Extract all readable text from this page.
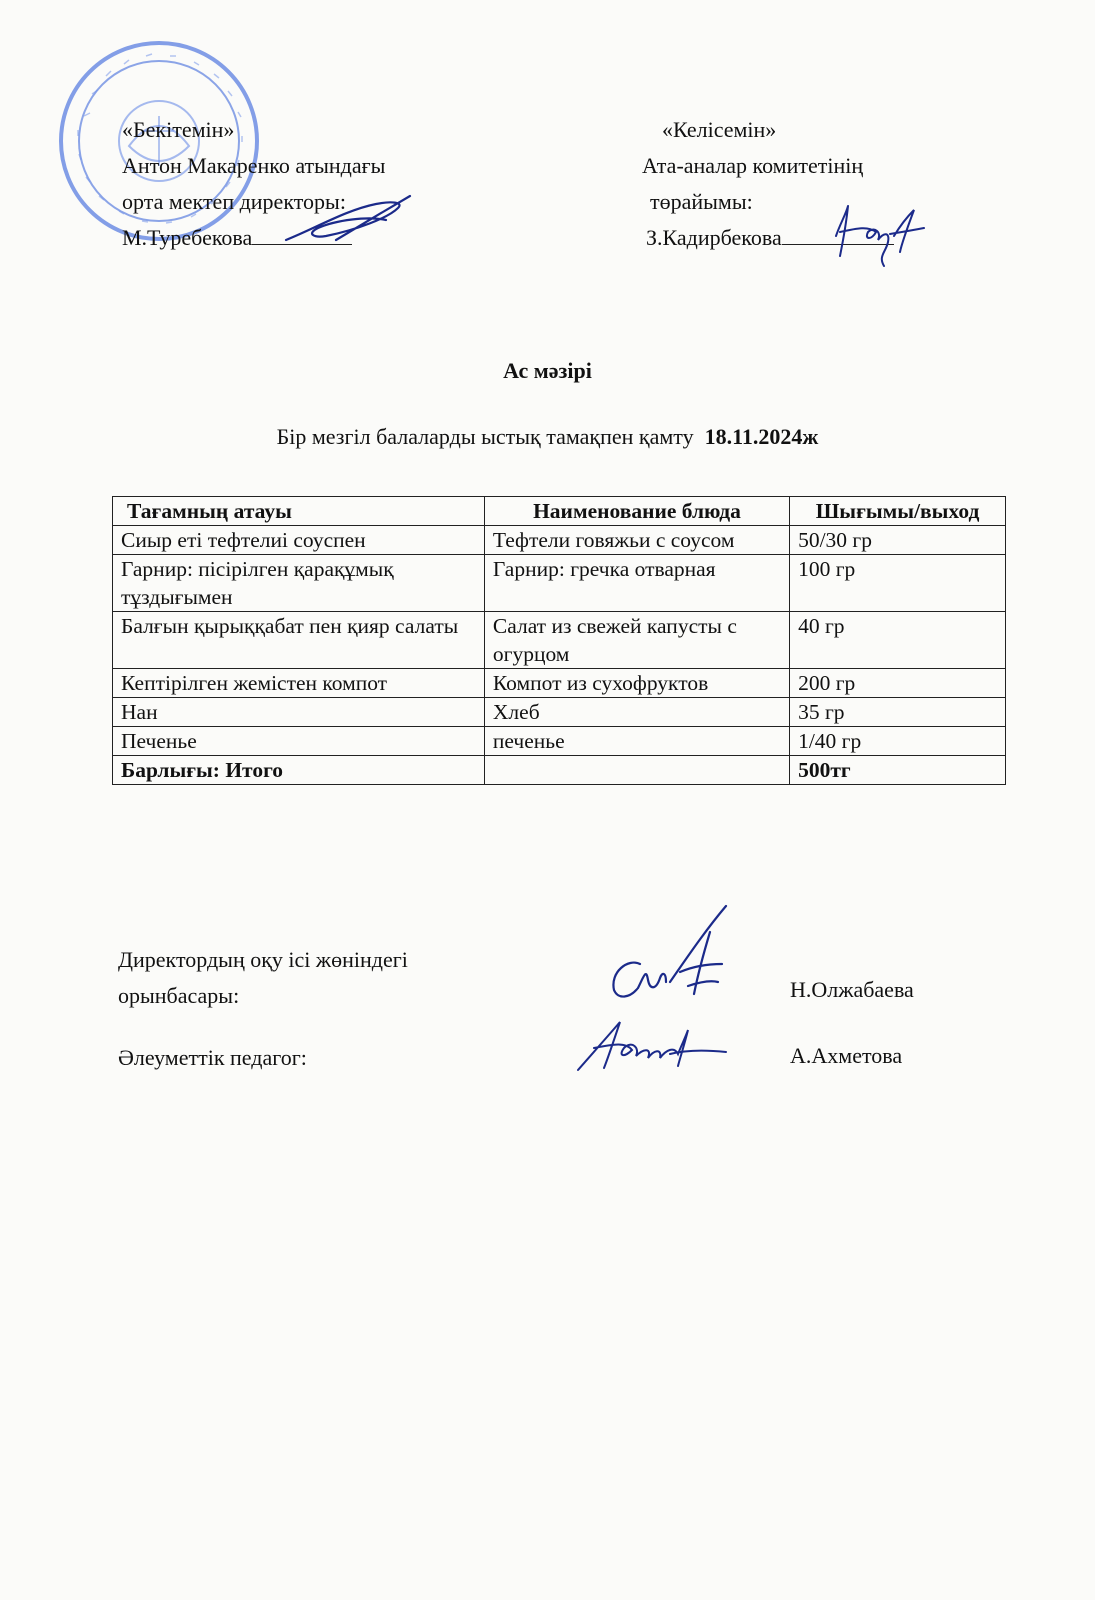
«Бекітемін»
Антон Макаренко атындағы
орта мектеп директоры:
М.Туребекова
«Келісемін»
Ата-аналар комитетінің
төрайымы:
З.Кадирбекова
Ас мәзірі
Бір мезгіл балаларды ыстық тамақпен қамту 18.11.2024ж
Тағамның атауы	Наименование блюда	Шығымы/выход
Сиыр еті тефтелиі соуспен	Тефтели говяжьи с соусом	50/30 гр
Гарнир: пісірілген қарақұмық тұздығымен	Гарнир: гречка отварная	100 гр
Балғын қырыққабат пен қияр салаты	Салат из свежей капусты с огурцом	40 гр
Кептірілген жемістен компот	Компот из сухофруктов	200 гр
Нан	Хлеб	35 гр
Печенье	печенье	1/40 гр
Барлығы: Итого		500тг
Директордың оқу ісі жөніндегі
орынбасары:	Н.Олжабаева
Әлеуметтік педагог:	А.Ахметова
